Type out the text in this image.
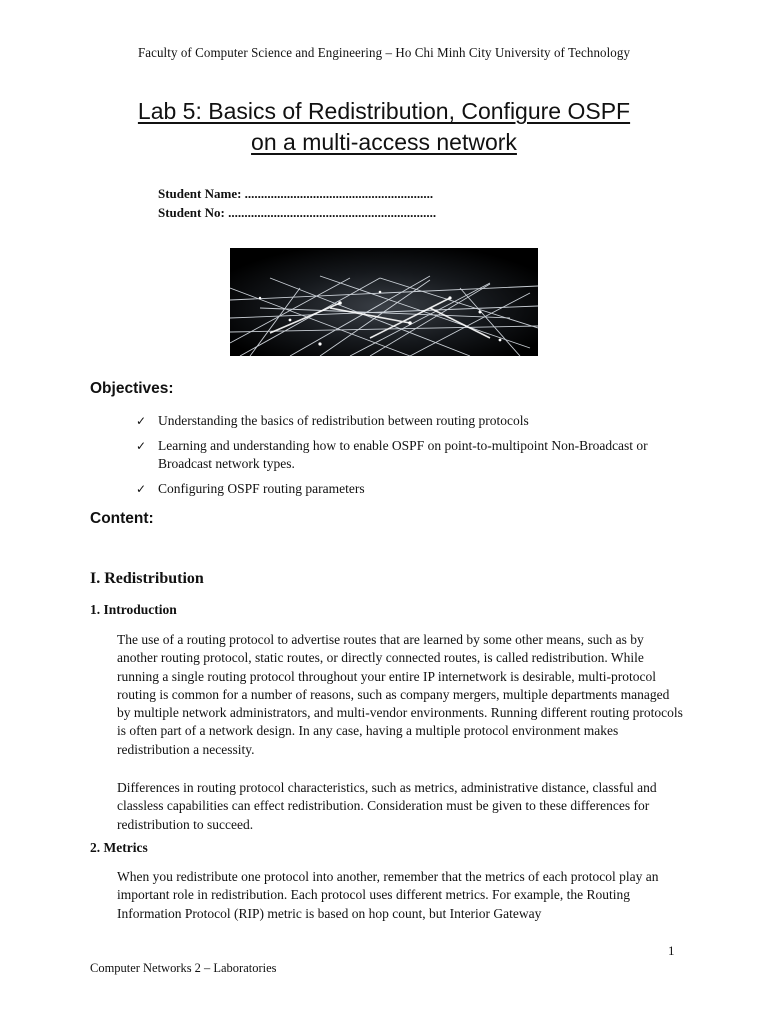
Faculty of Computer Science and Engineering – Ho Chi Minh City University of Technology
Lab 5: Basics of Redistribution, Configure OSPF
on a multi-access network
Student Name: ..........................................................
Student No: ................................................................
Objectives:
✓ Understanding the basics of redistribution between routing protocols
✓ Learning and understanding how to enable OSPF on point-to-multipoint Non-Broadcast or Broadcast network types.
✓ Configuring OSPF routing parameters
Content:
I. Redistribution
1. Introduction

The use of a routing protocol to advertise routes that are learned by some other means, such as by another routing protocol, static routes, or directly connected routes, is called redistribution. While running a single routing protocol throughout your entire IP internetwork is desirable, multi-protocol routing is common for a number of reasons, such as company mergers, multiple departments managed by multiple network administrators, and multi-vendor environments. Running different routing protocols is often part of a network design. In any case, having a multiple protocol environment makes redistribution a necessity.

Differences in routing protocol characteristics, such as metrics, administrative distance, classful and classless capabilities can effect redistribution. Consideration must be given to these differences for redistribution to succeed.

2. Metrics

When you redistribute one protocol into another, remember that the metrics of each protocol play an important role in redistribution. Each protocol uses different metrics. For example, the Routing Information Protocol (RIP) metric is based on hop count, but Interior Gateway

1
Computer Networks 2 – Laboratories
